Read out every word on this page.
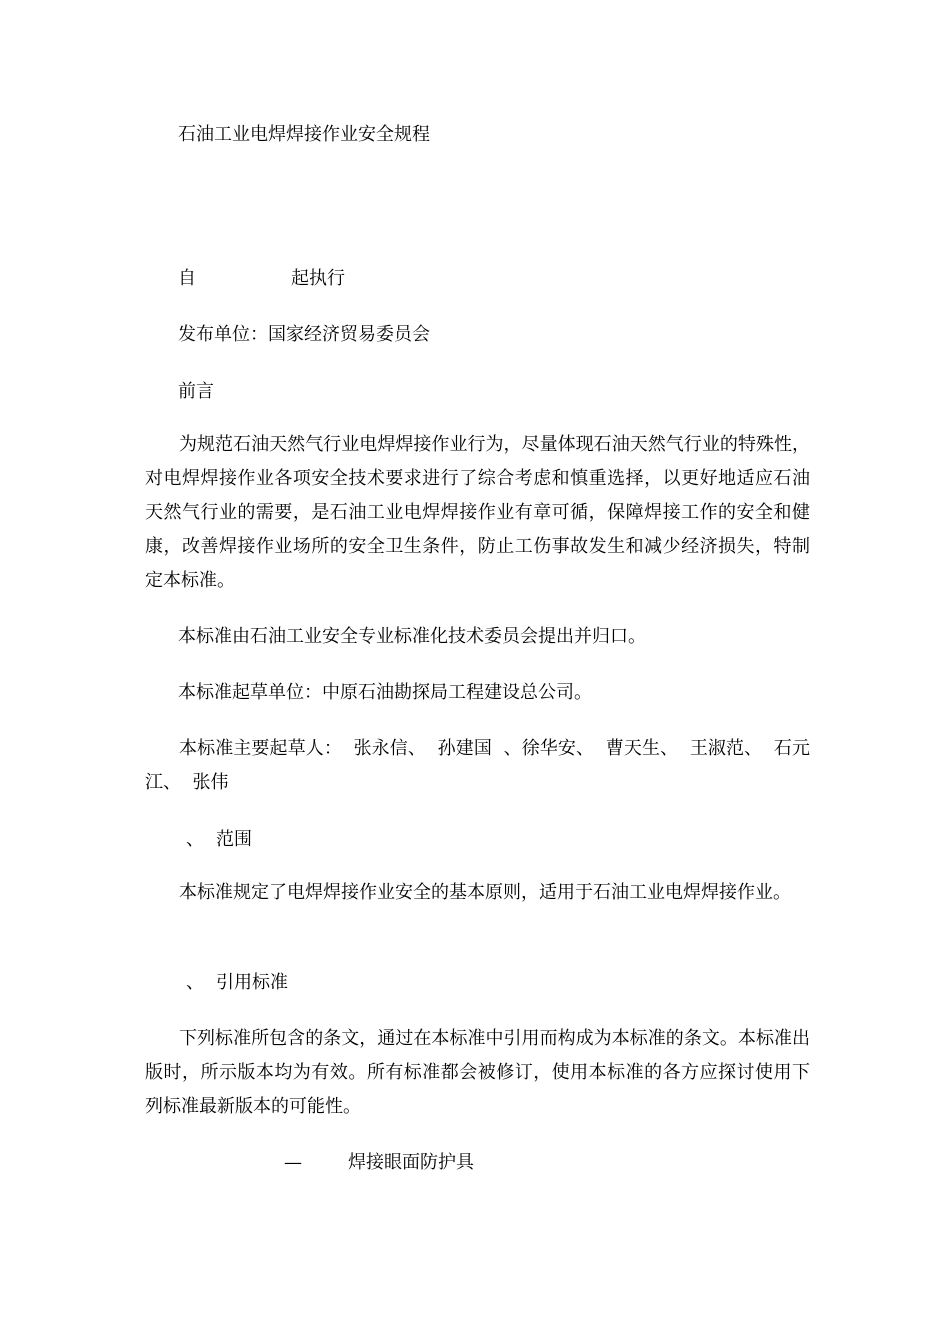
石油工业电焊焊接作业安全规程
自	起执行
发布单位：国家经济贸易委员会
前言
为规范石油天然气行业电焊焊接作业行为，尽量体现石油天然气行业的特殊性，对电焊焊接作业各项安全技术要求进行了综合考虑和慎重选择，以更好地适应石油天然气行业的需要，是石油工业电焊焊接作业有章可循，保障焊接工作的安全和健康，改善焊接作业场所的安全卫生条件，防止工伤事故发生和减少经济损失，特制定本标准。
本标准由石油工业安全专业标准化技术委员会提出并归口。
本标准起草单位：中原石油勘探局工程建设总公司。
本标准主要起草人：  张永信、  孙建国  、徐华安、  曹天生、  王淑范、  石元江、  张伟
、 范围
本标准规定了电焊焊接作业安全的基本原则，适用于石油工业电焊焊接作业。
、 引用标准
下列标准所包含的条文，通过在本标准中引用而构成为本标准的条文。本标准出版时，所示版本均为有效。所有标准都会被修订，使用本标准的各方应探讨使用下列标准最新版本的可能性。
—	焊接眼面防护具
